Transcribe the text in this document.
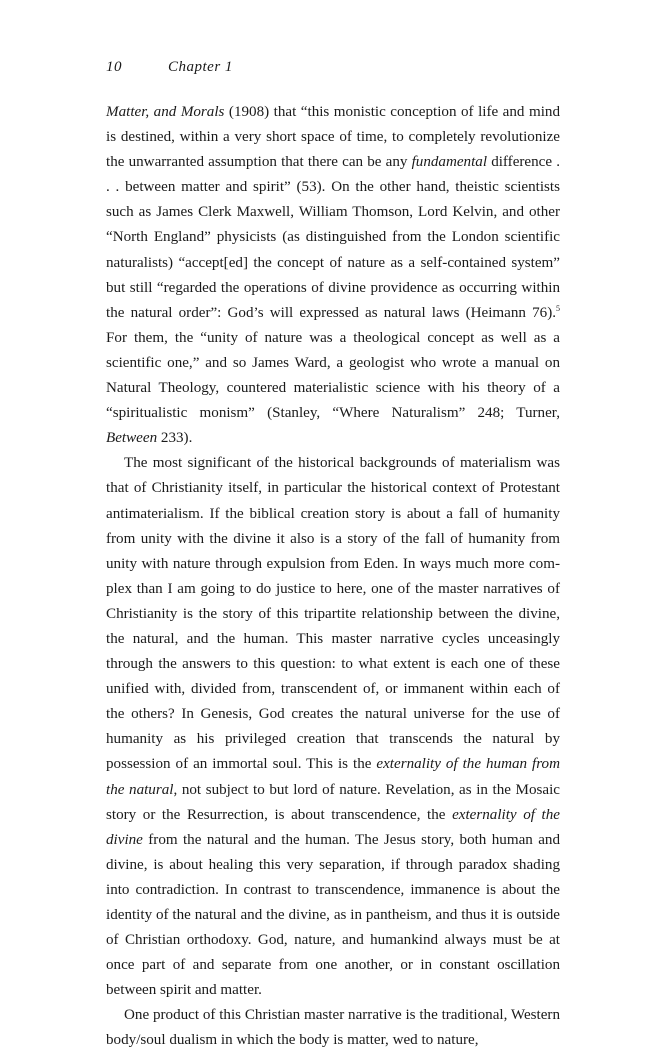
10	Chapter 1

Matter, and Morals (1908) that “this monistic conception of life and mind is destined, within a very short space of time, to completely revolutionize the unwarranted assumption that there can be any fundamental difference . . . between matter and spirit” (53). On the other hand, theistic scientists such as James Clerk Maxwell, William Thomson, Lord Kelvin, and other “North England” physicists (as distinguished from the London scientific naturalists) “accept[ed] the concept of nature as a self-contained system” but still “regarded the operations of divine providence as occurring within the natural order”: God’s will expressed as natural laws (Heimann 76).$^5$ For them, the “unity of nature was a theological concept as well as a scientific one,” and so James Ward, a geologist who wrote a manual on Natural Theology, countered materialistic science with his theory of a “spiritualistic monism” (Stanley, “Where Naturalism” 248; Turner, Between 233).

The most significant of the historical backgrounds of materialism was that of Christianity itself, in particular the historical context of Protestant antimaterialism. If the biblical creation story is about a fall of humanity from unity with the divine it also is a story of the fall of humanity from unity with nature through expulsion from Eden. In ways much more complex than I am going to do justice to here, one of the master narratives of Christianity is the story of this tripartite relationship between the divine, the natural, and the human. This master narrative cycles unceasingly through the answers to this question: to what extent is each one of these unified with, divided from, transcendent of, or immanent within each of the others? In Genesis, God creates the natural universe for the use of humanity as his privileged creation that transcends the natural by possession of an immortal soul. This is the externality of the human from the natural, not subject to but lord of nature. Revelation, as in the Mosaic story or the Resurrection, is about transcendence, the externality of the divine from the natural and the human. The Jesus story, both human and divine, is about healing this very separation, if through paradox shading into contradiction. In contrast to transcendence, immanence is about the identity of the natural and the divine, as in pantheism, and thus it is outside of Christian orthodoxy. God, nature, and humankind always must be at once part of and separate from one another, or in constant oscillation between spirit and matter.

One product of this Christian master narrative is the traditional, Western body/soul dualism in which the body is matter, wed to nature,
